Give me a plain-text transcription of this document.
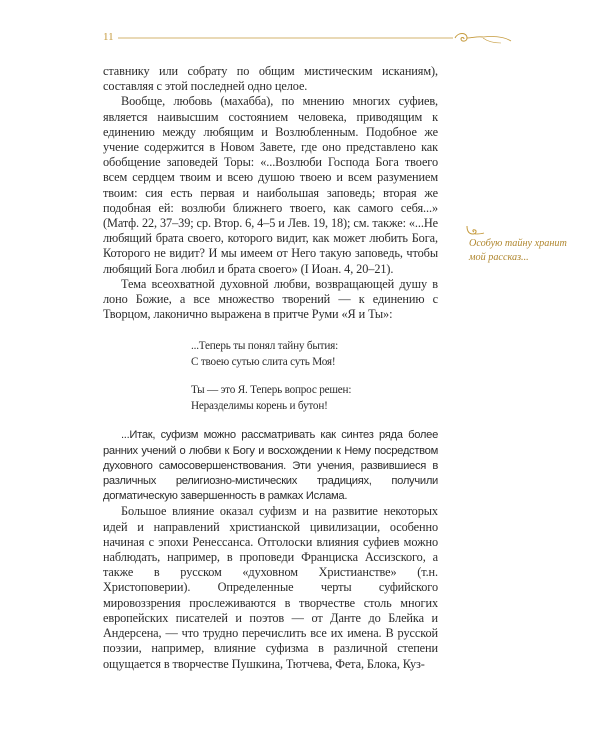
11

ставнику или собрату по общим мистическим исканиям), составляя с этой последней одно целое.

Вообще, любовь (махабба), по мнению многих суфиев, является наивысшим состоянием человека, приводящим к единению между любящим и Возлюбленным. Подобное же учение содержится в Новом Завете, где оно представлено как обобщение заповедей Торы: «...Возлюби Господа Бога твоего всем сердцем твоим и всею душою твоею и всем разумением твоим: сия есть первая и наибольшая заповедь; вторая же подобная ей: возлюби ближнего твоего, как самого себя...» (Матф. 22, 37–39; ср. Втор. 6, 4–5 и Лев. 19, 18); см. также: «...Не любящий брата своего, которого видит, как может любить Бога, Которого не видит? И мы имеем от Него такую заповедь, чтобы любящий Бога любил и брата своего» (I Иоан. 4, 20–21).

Тема всеохватной духовной любви, возвращающей душу в лоно Божие, а все множество творений — к единению с Творцом, лаконично выражена в притче Руми «Я и Ты»:

...Теперь ты понял тайну бытия:
С твоею сутью слита суть Моя!
Ты — это Я. Теперь вопрос решен:
Неразделимы корень и бутон!

...Итак, суфизм можно рассматривать как синтез ряда более ранних учений о любви к Богу и восхождении к Нему посредством духовного самосовершенствования. Эти учения, развившиеся в различных религиозно-мистических традициях, получили догматическую завершенность в рамках Ислама.

Большое влияние оказал суфизм и на развитие некоторых идей и направлений христианской цивилизации, особенно начиная с эпохи Ренессанса. Отголоски влияния суфиев можно наблюдать, например, в проповеди Франциска Ассизского, а также в русском «духовном Христианстве» (т.н. Христоповерии). Определенные черты суфийского мировоззрения прослеживаются в творчестве столь многих европейских писателей и поэтов — от Данте до Блейка и Андерсена, — что трудно перечислить все их имена. В русской поэзии, например, влияние суфизма в различной степени ощущается в творчестве Пушкина, Тютчева, Фета, Блока, Куз-

Особую тайну хранит мой рассказ...
